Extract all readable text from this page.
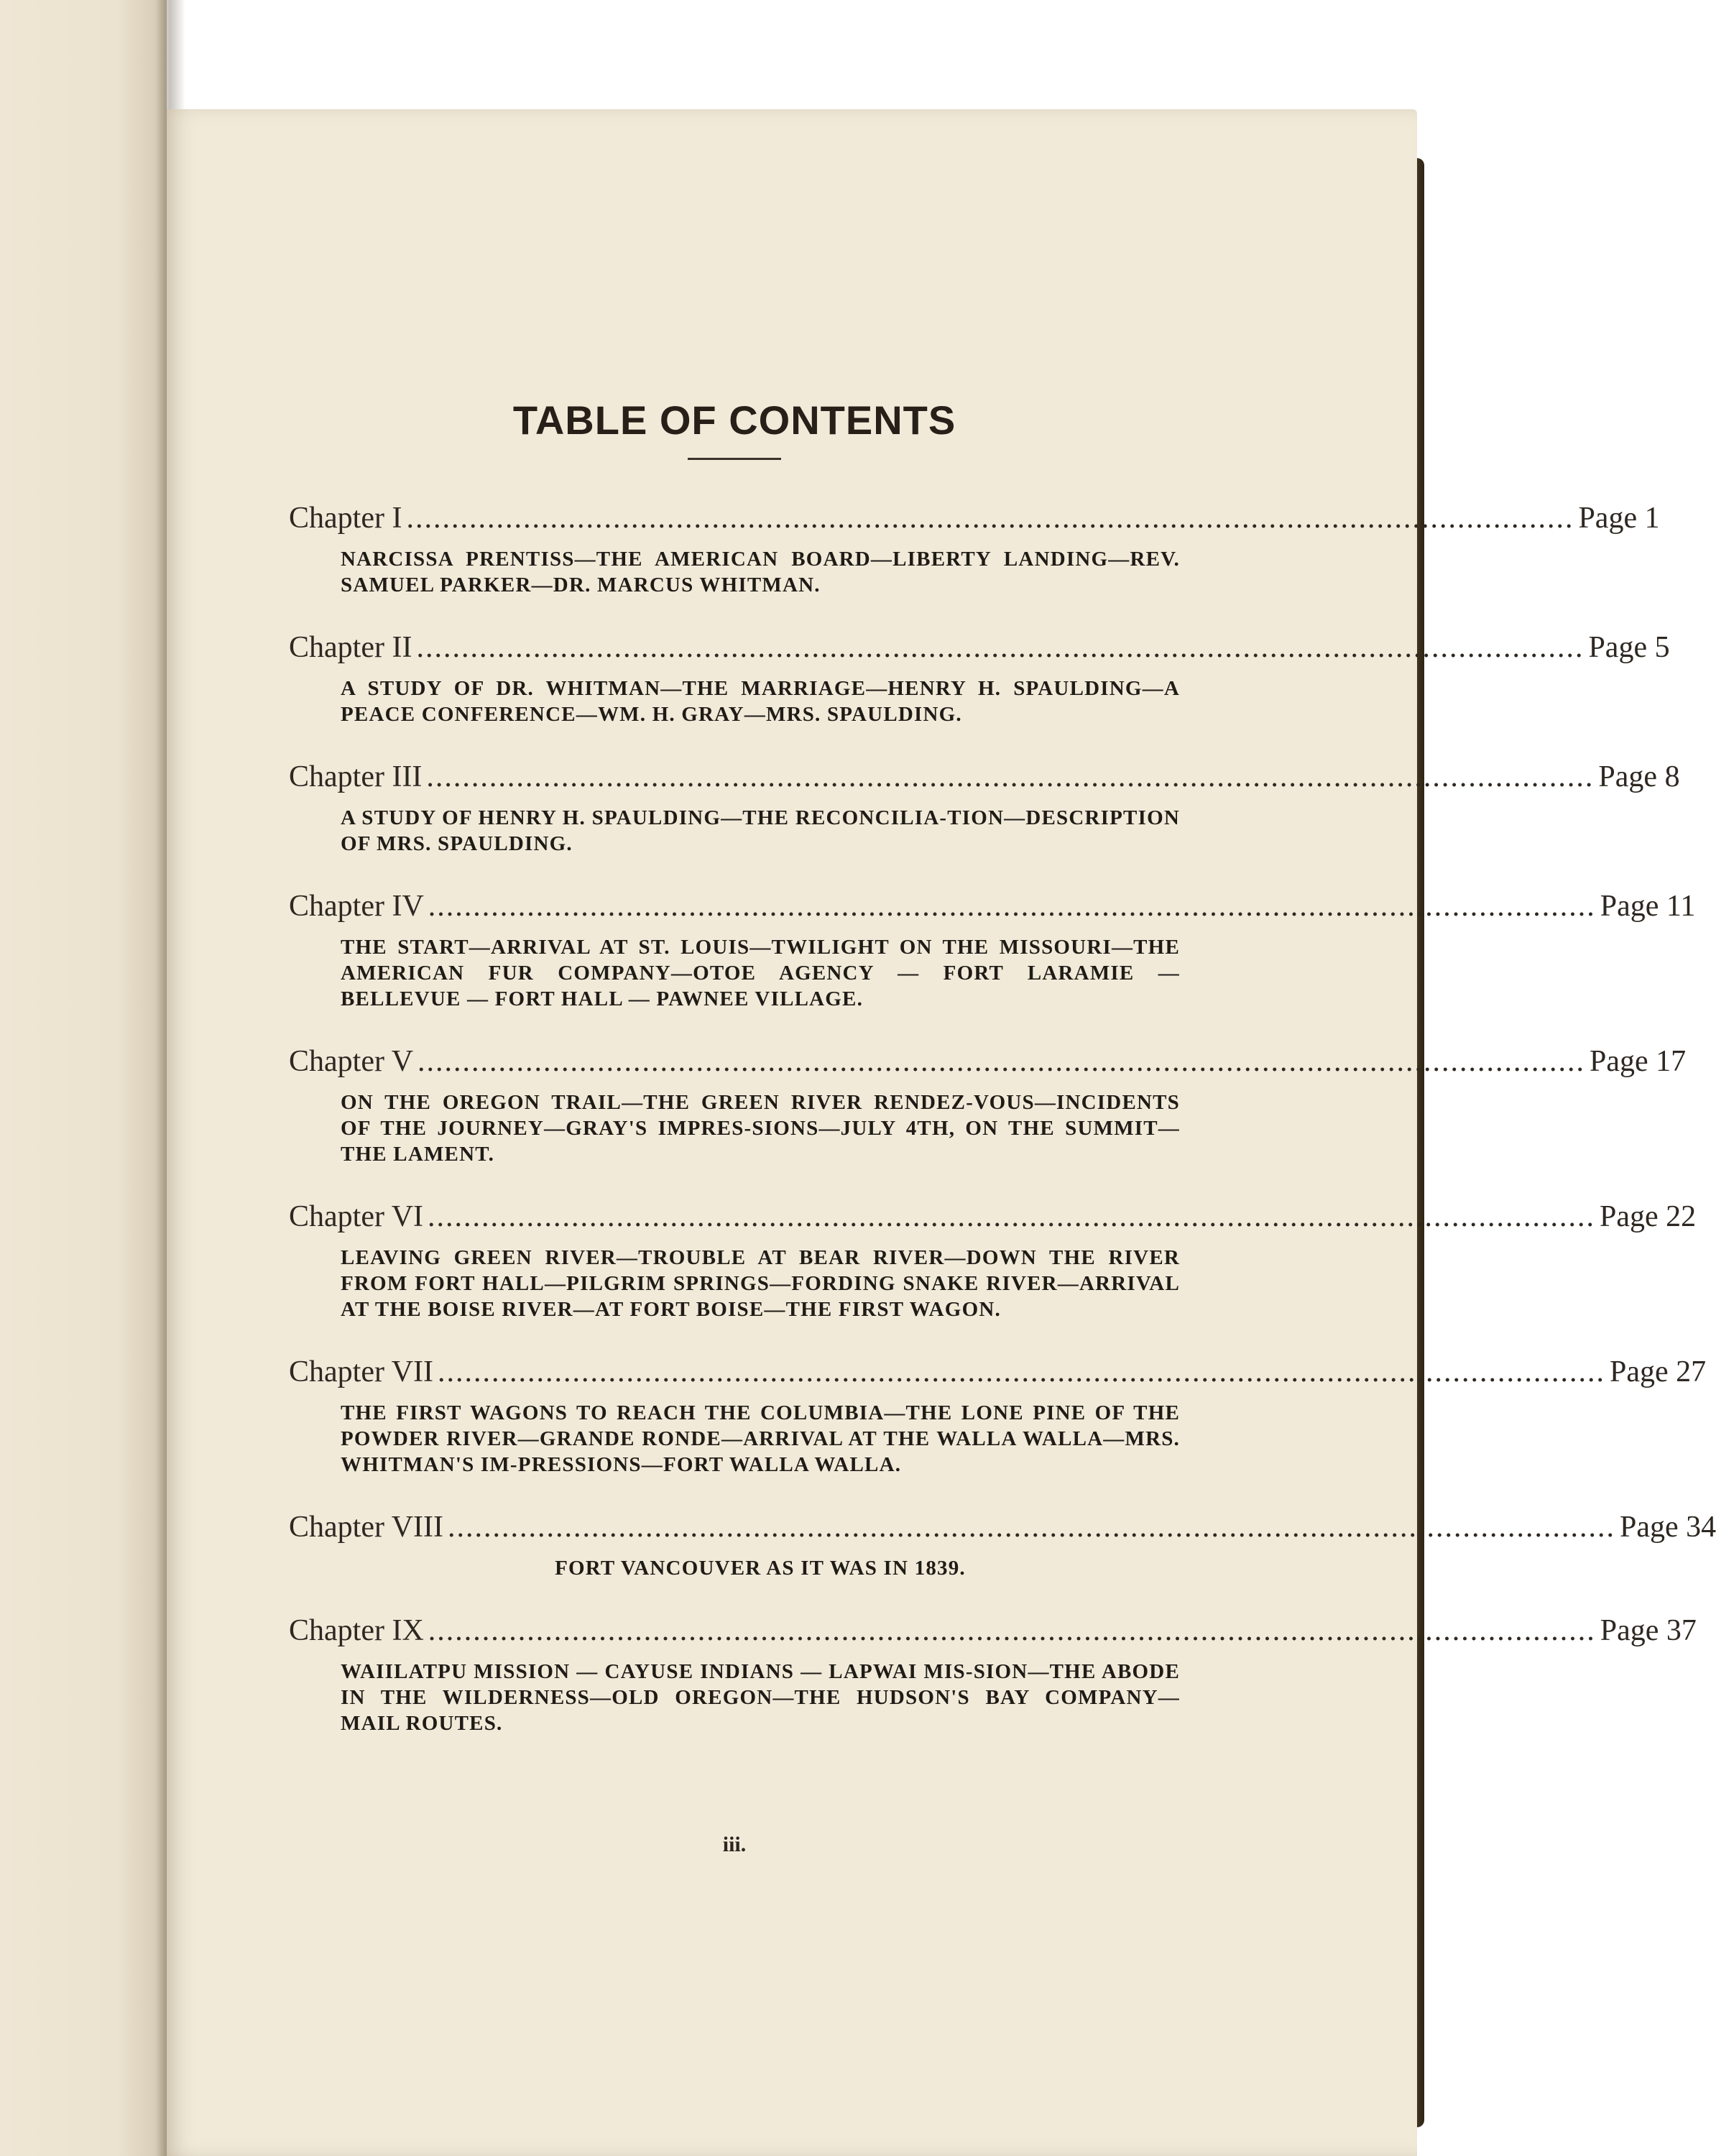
TABLE OF CONTENTS
Chapter I .................................................................................................................................. Page 1
NARCISSA PRENTISS—THE AMERICAN BOARD—LIBERTY LANDING—REV. SAMUEL PARKER—DR. MARCUS WHITMAN.
Chapter II .................................................................................................................................. Page 5
A STUDY OF DR. WHITMAN—THE MARRIAGE—HENRY H. SPAULDING—A PEACE CONFERENCE—WM. H. GRAY—MRS. SPAULDING.
Chapter III .................................................................................................................................. Page 8
A STUDY OF HENRY H. SPAULDING—THE RECONCILIA-TION—DESCRIPTION OF MRS. SPAULDING.
Chapter IV .................................................................................................................................. Page 11
THE START—ARRIVAL AT ST. LOUIS—TWILIGHT ON THE MISSOURI—THE AMERICAN FUR COMPANY—OTOE AGENCY — FORT LARAMIE — BELLEVUE — FORT HALL — PAWNEE VILLAGE.
Chapter V .................................................................................................................................. Page 17
ON THE OREGON TRAIL—THE GREEN RIVER RENDEZ-VOUS—INCIDENTS OF THE JOURNEY—GRAY'S IMPRES-SIONS—JULY 4TH, ON THE SUMMIT—THE LAMENT.
Chapter VI .................................................................................................................................. Page 22
LEAVING GREEN RIVER—TROUBLE AT BEAR RIVER—DOWN THE RIVER FROM FORT HALL—PILGRIM SPRINGS—FORDING SNAKE RIVER—ARRIVAL AT THE BOISE RIVER—AT FORT BOISE—THE FIRST WAGON.
Chapter VII .................................................................................................................................. Page 27
THE FIRST WAGONS TO REACH THE COLUMBIA—THE LONE PINE OF THE POWDER RIVER—GRANDE RONDE—ARRIVAL AT THE WALLA WALLA—MRS. WHITMAN'S IM-PRESSIONS—FORT WALLA WALLA.
Chapter VIII .................................................................................................................................. Page 34
FORT VANCOUVER AS IT WAS IN 1839.
Chapter IX .................................................................................................................................. Page 37
WAIILATPU MISSION — CAYUSE INDIANS — LAPWAI MIS-SION—THE ABODE IN THE WILDERNESS—OLD OREGON—THE HUDSON'S BAY COMPANY—MAIL ROUTES.
iii.
